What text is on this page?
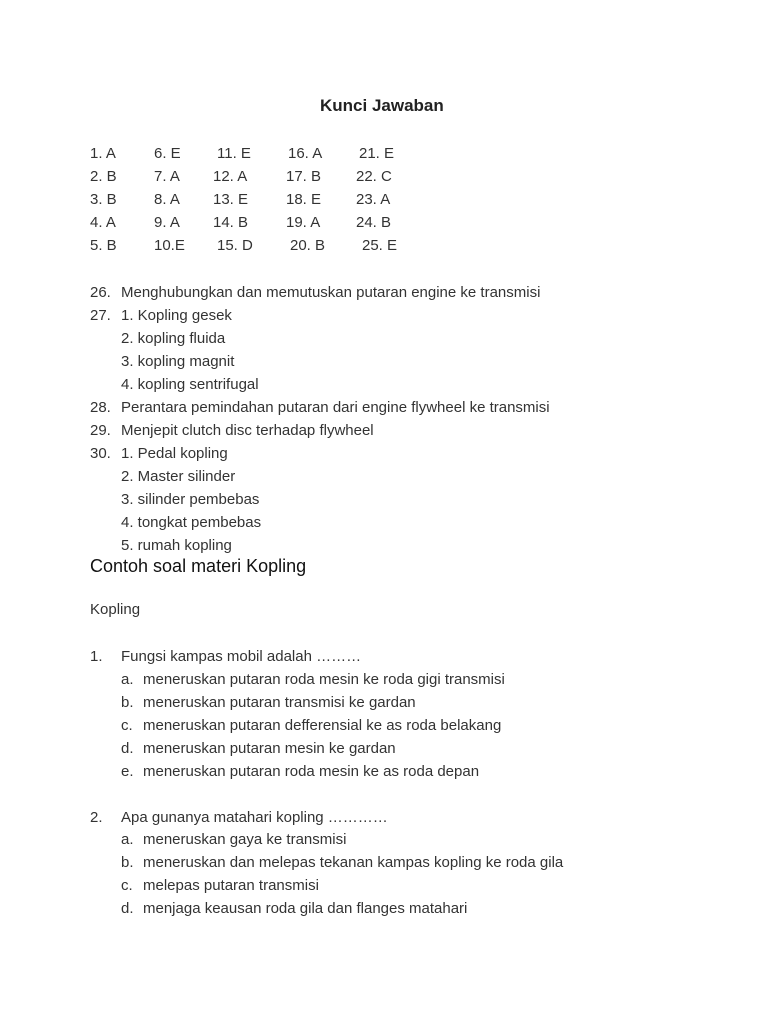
Kunci Jawaban
1. A
2. B
3. B
4. A
5. B
6. E
7. A
8. A
9. A
10.E
11. E
12. A
13. E
14. B
15. D
16. A
17. B
18. E
19. A
20. B
21. E
22. C
23. A
24. B
25. E
26. Menghubungkan dan memutuskan putaran engine ke transmisi
27. 1. Kopling gesek
2. kopling fluida
3. kopling magnit
4. kopling sentrifugal
28. Perantara pemindahan putaran dari engine flywheel ke transmisi
29. Menjepit clutch disc terhadap flywheel
30. 1. Pedal kopling
2. Master silinder
3. silinder pembebas
4. tongkat pembebas
5. rumah kopling
Contoh soal materi Kopling
Kopling
1. Fungsi kampas mobil adalah ………
a. meneruskan putaran roda mesin ke roda gigi transmisi
b. meneruskan putaran transmisi ke gardan
c. meneruskan putaran defferensial ke as roda belakang
d. meneruskan putaran mesin ke gardan
e. meneruskan putaran roda mesin ke as roda depan
2. Apa gunanya matahari kopling …………
a. meneruskan gaya ke transmisi
b. meneruskan dan melepas tekanan kampas kopling ke roda gila
c. melepas putaran transmisi
d. menjaga keausan roda gila dan flanges matahari
